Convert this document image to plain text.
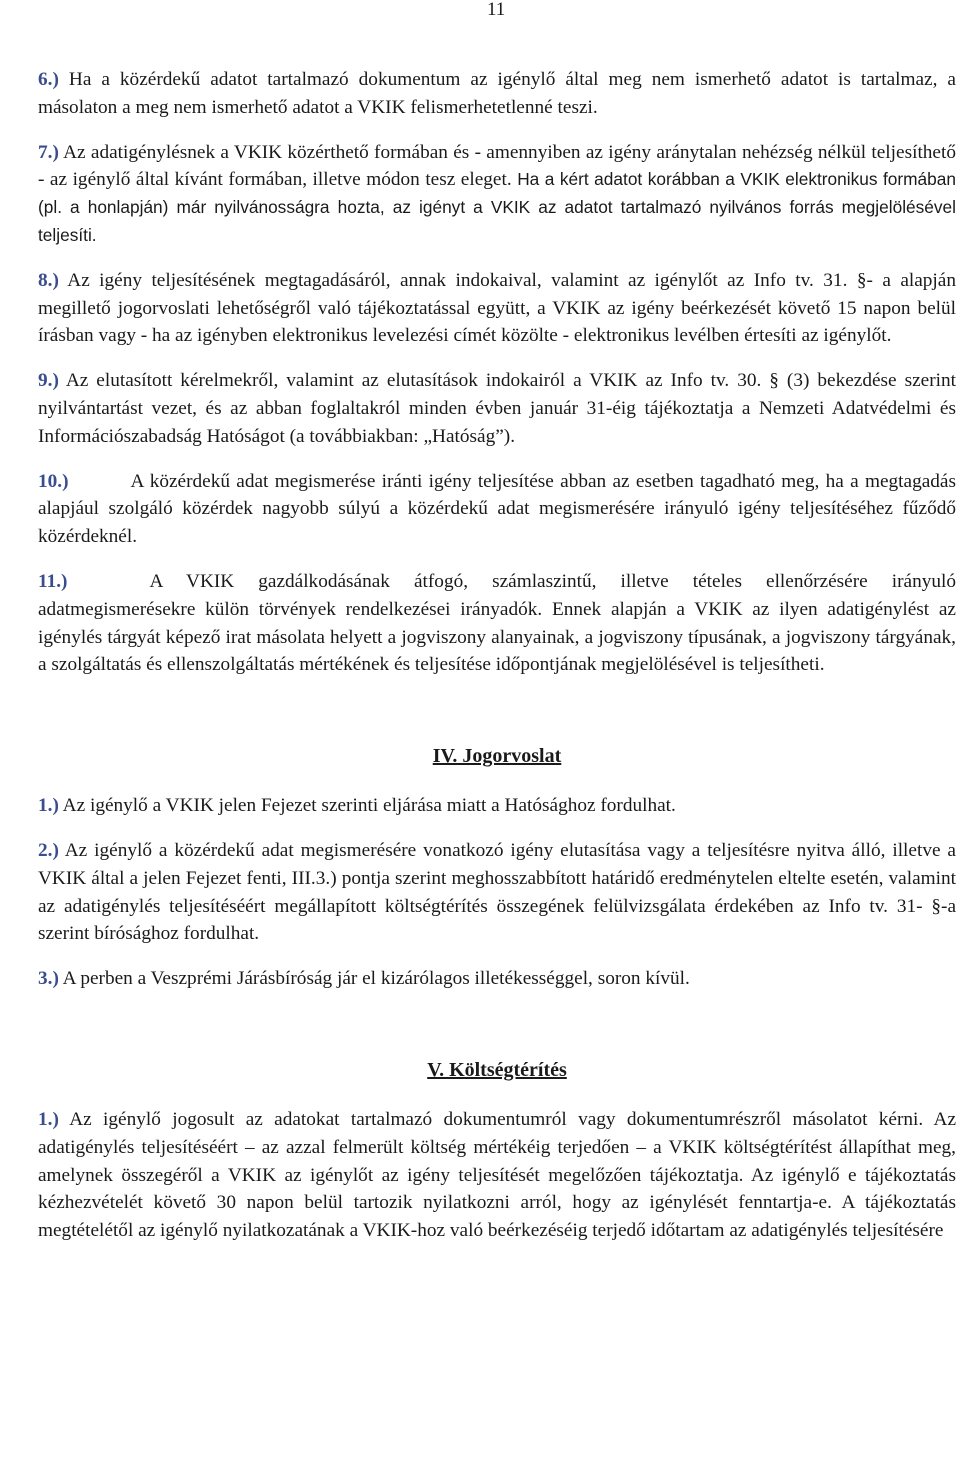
11

6.) Ha a közérdekű adatot tartalmazó dokumentum az igénylő által meg nem ismerhető adatot is tartalmaz, a másolaton a meg nem ismerhető adatot a VKIK felismerhetetlenné teszi.

7.) Az adatigénylésnek a VKIK közérthető formában és - amennyiben az igény aránytalan nehézség nélkül teljesíthető - az igénylő által kívánt formában, illetve módon tesz eleget. Ha a kért adatot korábban a VKIK elektronikus formában (pl. a honlapján) már nyilvánosságra hozta, az igényt a VKIK az adatot tartalmazó nyilvános forrás megjelölésével teljesíti.

8.) Az igény teljesítésének megtagadásáról, annak indokaival, valamint az igénylőt az Info tv. 31. §- a alapján megillető jogorvoslati lehetőségről való tájékoztatással együtt, a VKIK az igény beérkezését követő 15 napon belül írásban vagy - ha az igényben elektronikus levelezési címét közölte - elektronikus levélben értesíti az igénylőt.

9.) Az elutasított kérelmekről, valamint az elutasítások indokairól a VKIK az Info tv. 30. § (3) bekezdése szerint nyilvántartást vezet, és az abban foglaltakról minden évben január 31-éig tájékoztatja a Nemzeti Adatvédelmi és Információszabadság Hatóságot (a továbbiakban: „Hatóság”).

10.)	A közérdekű adat megismerése iránti igény teljesítése abban az esetben tagadható meg, ha a megtagadás alapjául szolgáló közérdek nagyobb súlyú a közérdekű adat megismerésére irányuló igény teljesítéséhez fűződő közérdeknél.

11.)	A VKIK gazdálkodásának átfogó, számlaszintű, illetve tételes ellenőrzésére irányuló adatmegismerésekre külön törvények rendelkezései irányadók. Ennek alapján a VKIK az ilyen adatigénylést az igénylés tárgyát képező irat másolata helyett a jogviszony alanyainak, a jogviszony típusának, a jogviszony tárgyának, a szolgáltatás és ellenszolgáltatás mértékének és teljesítése időpontjának megjelölésével is teljesítheti.

IV. Jogorvoslat

1.) Az igénylő a VKIK jelen Fejezet szerinti eljárása miatt a Hatósághoz fordulhat.

2.) Az igénylő a közérdekű adat megismerésére vonatkozó igény elutasítása vagy a teljesítésre nyitva álló, illetve a VKIK által a jelen Fejezet fenti, III.3.) pontja szerint meghosszabbított határidő eredménytelen eltelte esetén, valamint az adatigénylés teljesítéséért megállapított költségtérítés összegének felülvizsgálata érdekében az Info tv. 31- §-a szerint bírósághoz fordulhat.

3.) A perben a Veszprémi Járásbíróság jár el kizárólagos illetékességgel, soron kívül.

V. Költségtérítés

1.) Az igénylő jogosult az adatokat tartalmazó dokumentumról vagy dokumentumrészről másolatot kérni. Az adatigénylés teljesítéséért – az azzal felmerült költség mértékéig terjedően – a VKIK költségtérítést állapíthat meg, amelynek összegéről a VKIK az igénylőt az igény teljesítését megelőzően tájékoztatja. Az igénylő e tájékoztatás kézhezvételét követő 30 napon belül tartozik nyilatkozni arról, hogy az igénylését fenntartja-e. A tájékoztatás megtételétől az igénylő nyilatkozatának a VKIK-hoz való beérkezéséig terjedő időtartam az adatigénylés teljesítésére
